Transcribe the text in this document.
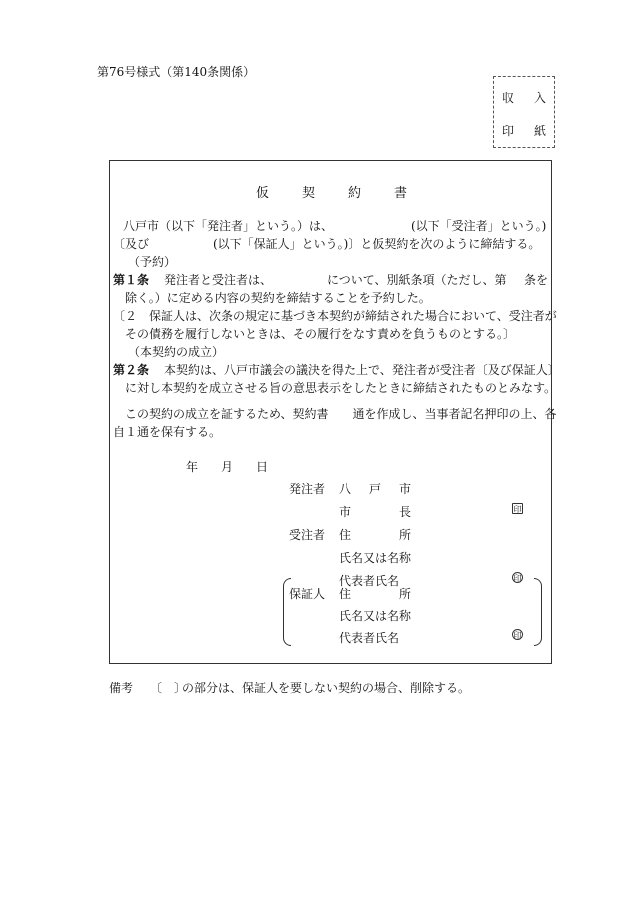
第76号様式（第140条関係）
収 入
印 紙
仮	契	約	書
八戸市（以下「発注者」という。）は、	(以下「受注者」という。)
〔及び	(以下「保証人」という。)〕と仮契約を次のように締結する。
（予約）
第１条 発注者と受注者は、	について、別紙条項（ただし、第 条を
除く。）に定める内容の契約を締結することを予約した。
〔２　保証人は、次条の規定に基づき本契約が締結された場合において、受注者が
その債務を履行しないときは、その履行をなす責めを負うものとする。〕
（本契約の成立）
第２条 本契約は、八戸市議会の議決を得た上で、発注者が受注者〔及び保証人〕
に対し本契約を成立させる旨の意思表示をしたときに締結されたものとみなす。
この契約の成立を証するため、契約書　　通を作成し、当事者記名押印の上、各
自１通を保有する。
年 月 日
発注者 八 戸 市
市	長	印
受注者 住	所
氏名又は名称
代表者氏名	印
保証人 住	所
氏名又は名称
代表者氏名	印
備考 〔　〕
の部分は、保証人を要しない契約の場合、削除する。
